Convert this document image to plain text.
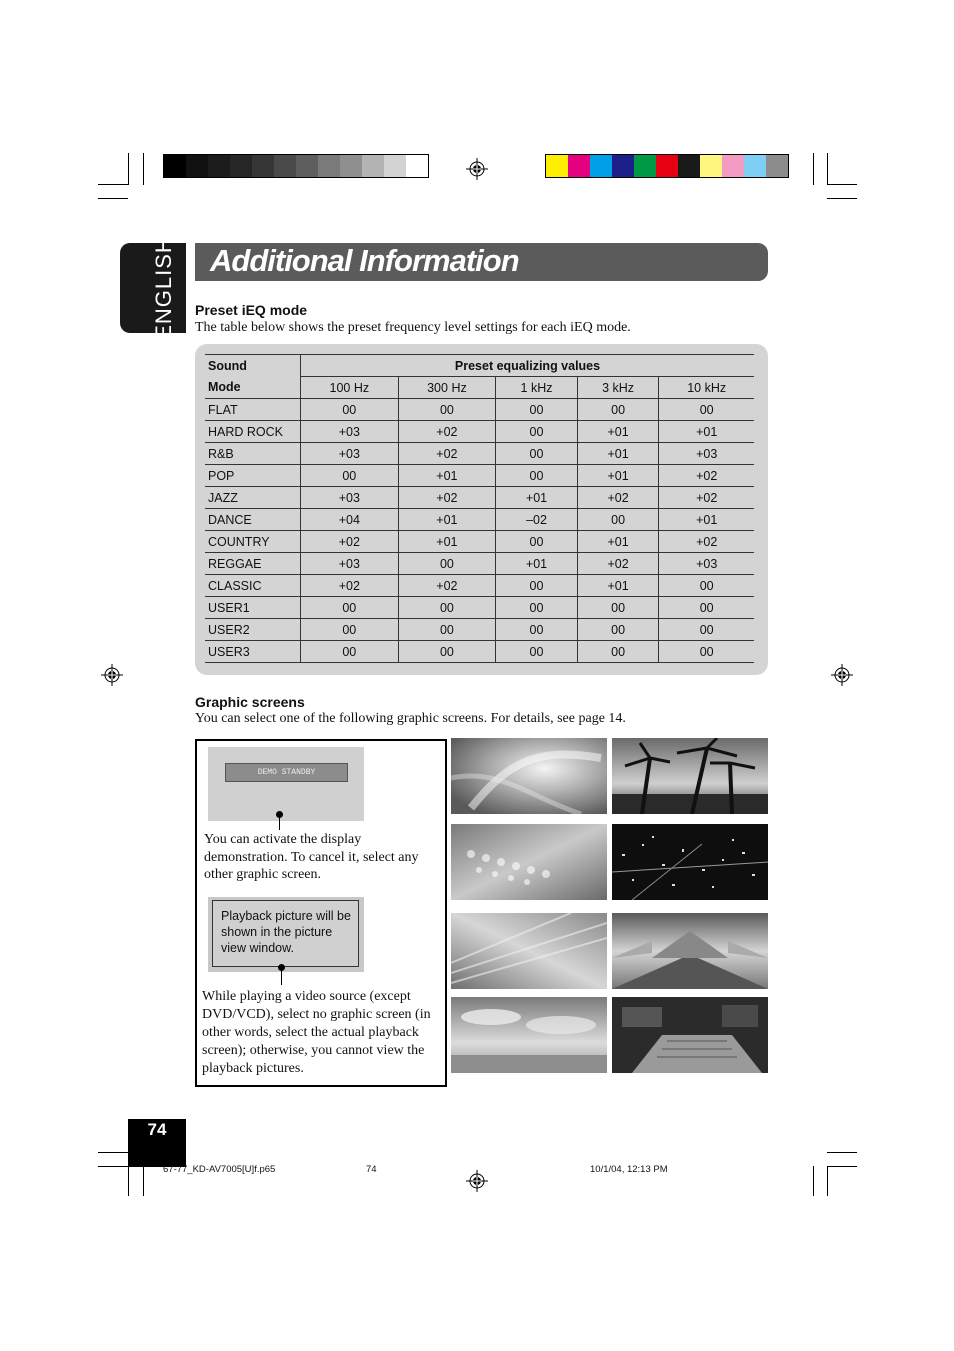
ENGLISH Additional Information
Preset iEQ mode
The table below shows the preset frequency level settings for each iEQ mode.
Sound	Preset equalizing values				
Mode	100 Hz	300 Hz	1 kHz	3 kHz	10 kHz
FLAT	00	00	00	00	00
HARD ROCK	+03	+02	00	+01	+01
R&B	+03	+02	00	+01	+03
POP	00	+01	00	+01	+02
JAZZ	+03	+02	+01	+02	+02
DANCE	+04	+01	–02	00	+01
COUNTRY	+02	+01	00	+01	+02
REGGAE	+03	00	+01	+02	+03
CLASSIC	+02	+02	00	+01	00
USER1	00	00	00	00	00
USER2	00	00	00	00	00
USER3	00	00	00	00	00
Graphic screens
You can select one of the following graphic screens. For details, see page 14.
DEMO STANDBY
You can activate the display demonstration. To cancel it, select any other graphic screen.
Playback picture will be shown in the picture view window.
While playing a video source (except DVD/VCD), select no graphic screen (in other words, select the actual playback screen); otherwise, you cannot view the playback pictures.
74
67-77_KD-AV7005[U]f.p65	74	10/1/04, 12:13 PM
